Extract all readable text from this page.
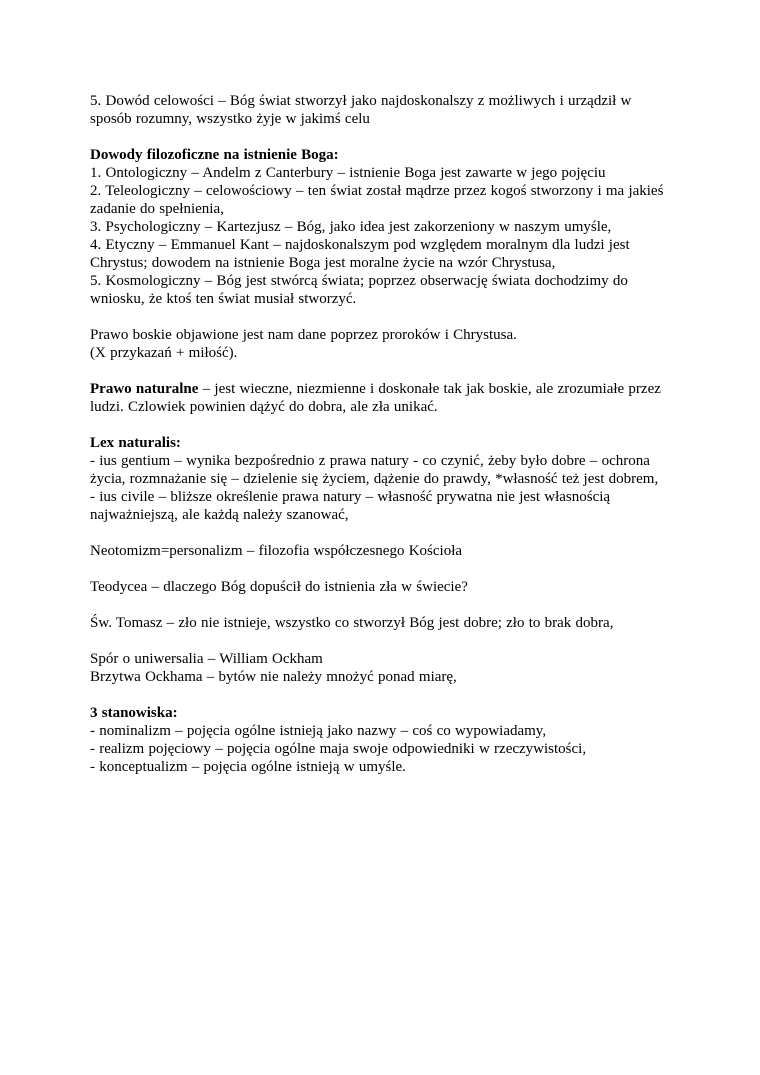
5. Dowód celowości – Bóg świat stworzył jako najdoskonalszy z możliwych i urządził w sposób rozumny, wszystko żyje w jakimś celu

Dowody filozoficzne na istnienie Boga:

1. Ontologiczny – Andelm z Canterbury – istnienie Boga jest zawarte w jego pojęciu

2. Teleologiczny – celowościowy – ten świat został mądrze przez kogoś stworzony i ma jakieś zadanie do spełnienia,

3. Psychologiczny – Kartezjusz – Bóg, jako idea jest zakorzeniony w naszym umyśle,

4. Etyczny – Emmanuel Kant – najdoskonalszym pod względem moralnym dla ludzi jest Chrystus; dowodem na istnienie Boga jest moralne życie na wzór Chrystusa,

5. Kosmologiczny – Bóg jest stwórcą świata; poprzez obserwację świata dochodzimy do wniosku, że ktoś ten świat musiał stworzyć.

Prawo boskie objawione jest nam dane poprzez proroków i Chrystusa.

(X przykazań + miłość).

Prawo naturalne – jest wieczne, niezmienne i doskonałe tak jak boskie, ale zrozumiałe przez ludzi. Czlowiek powinien dążyć do dobra, ale zła unikać.

Lex naturalis:

- ius gentium – wynika bezpośrednio z prawa natury - co czynić, żeby było dobre – ochrona życia, rozmnażanie się – dzielenie się życiem, dążenie do prawdy, *własność też jest dobrem,

- ius civile – bliższe określenie prawa natury – własność prywatna nie jest własnością najważniejszą, ale każdą należy szanować,

Neotomizm=personalizm – filozofia współczesnego Kościoła

Teodycea – dlaczego Bóg dopuścił do istnienia zła w świecie?

Św. Tomasz – zło nie istnieje, wszystko co stworzył Bóg jest dobre; zło to brak dobra,

Spór o uniwersalia – William Ockham

Brzytwa Ockhama – bytów nie należy mnożyć ponad miarę,

3 stanowiska:

- nominalizm – pojęcia ogólne istnieją jako nazwy – coś co wypowiadamy,

- realizm pojęciowy – pojęcia ogólne maja swoje odpowiedniki w rzeczywistości,

- konceptualizm – pojęcia ogólne istnieją w umyśle.
